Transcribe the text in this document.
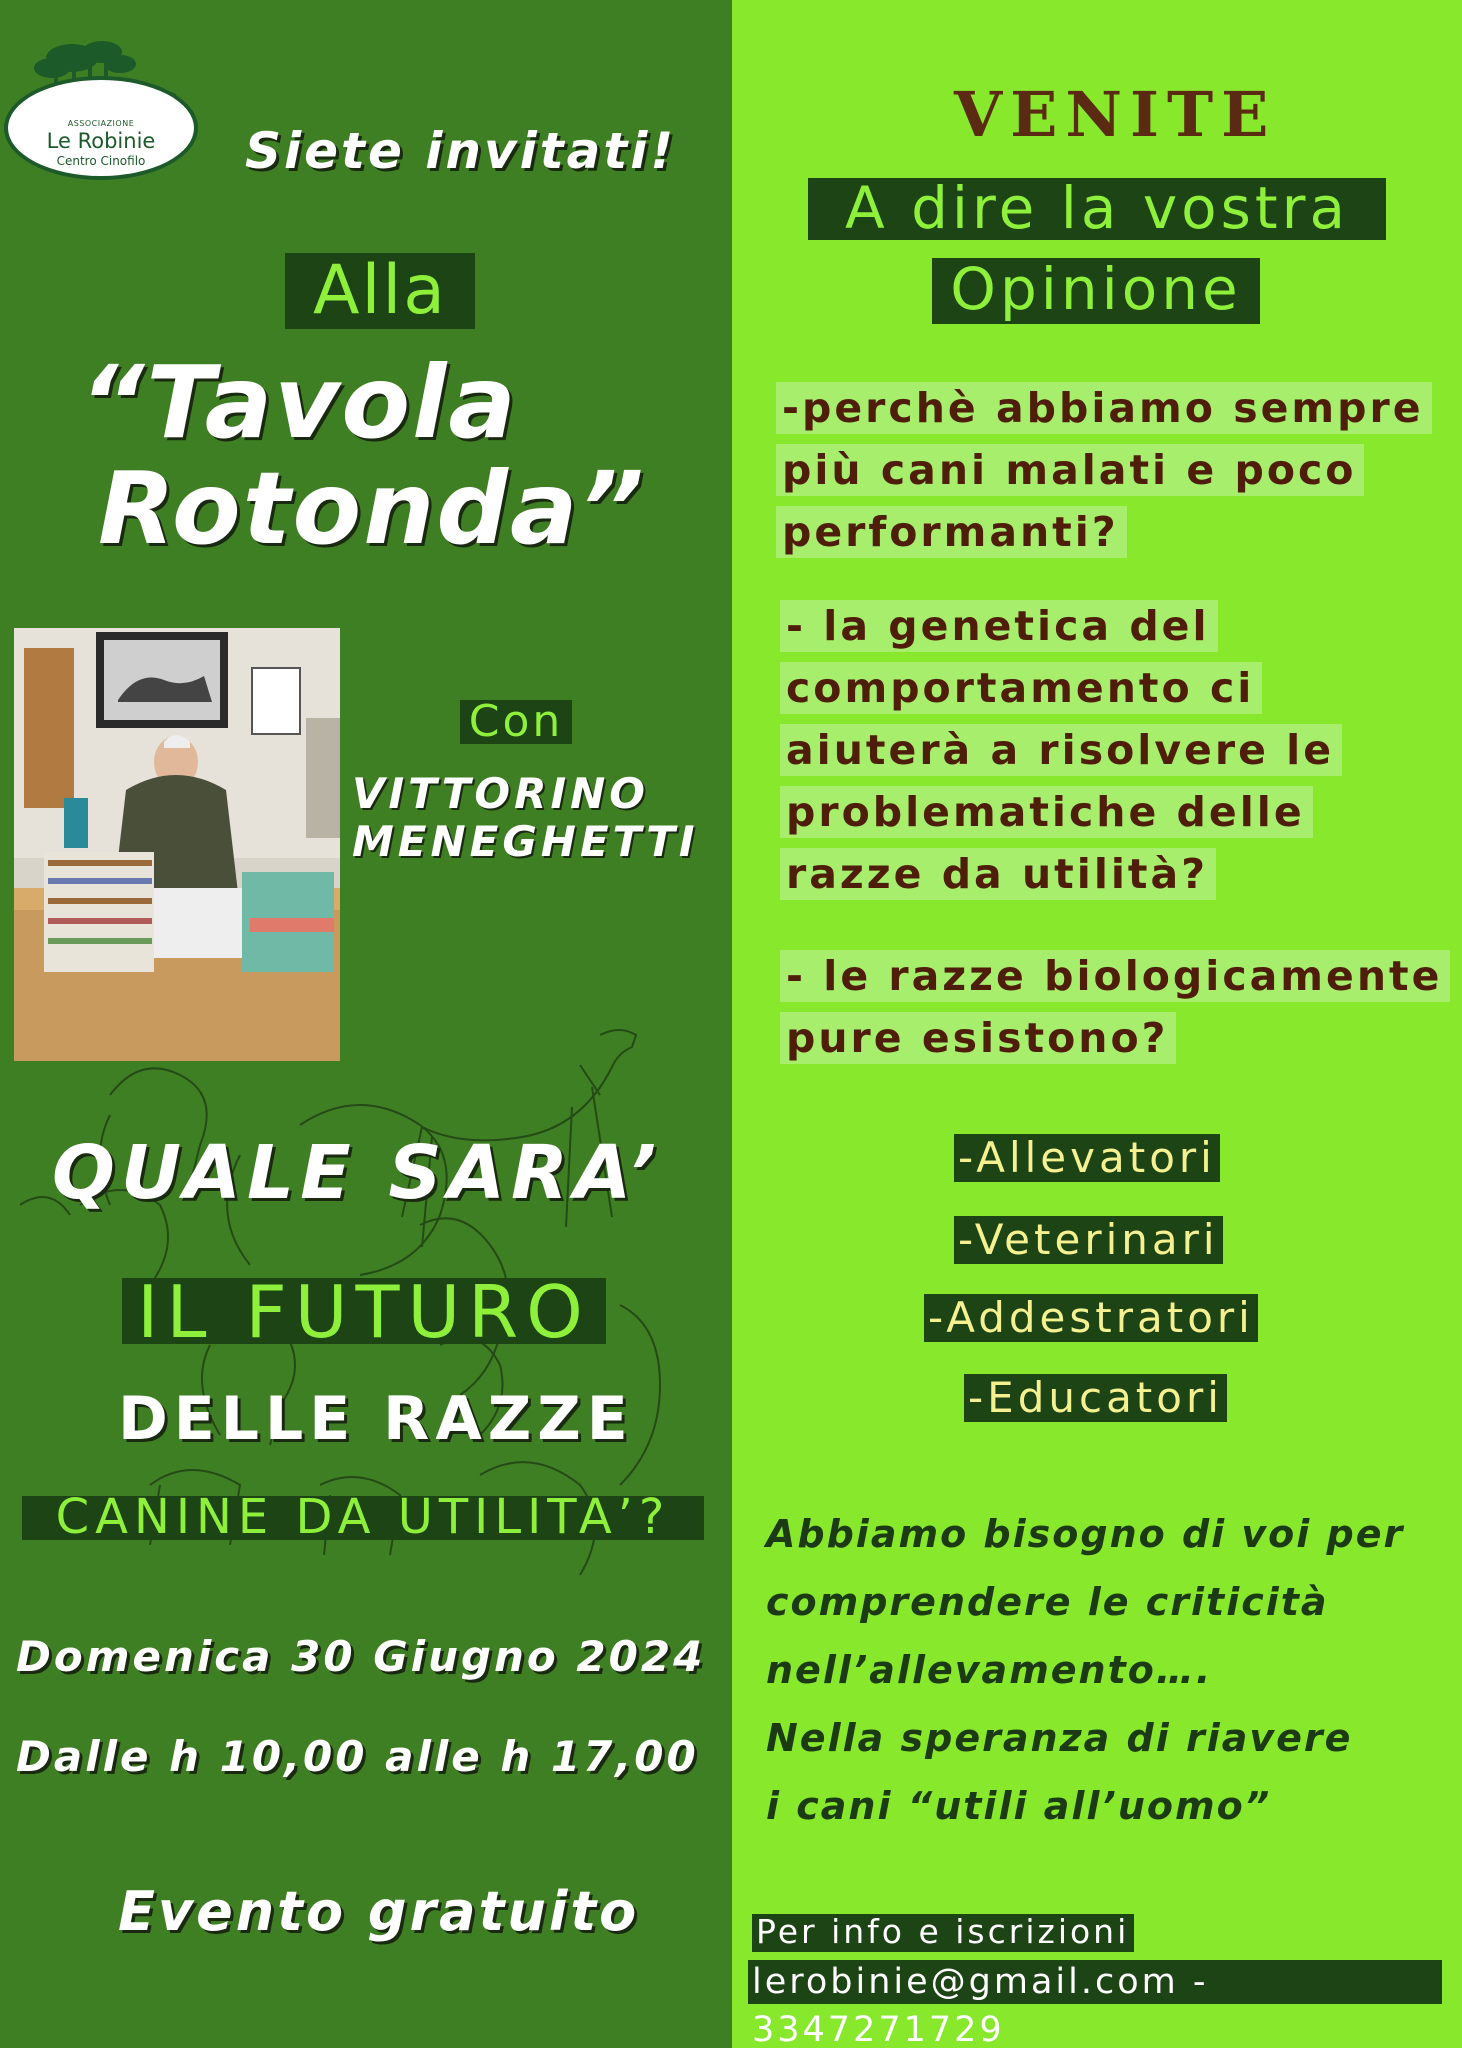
ASSOCIAZIONE
Le Robinie
Centro Cinofilo	Siete invitati!
Alla
“Tavola
Rotonda”
Con
VITTORINO
MENEGHETTI
QUALE SARA’
IL FUTURO
DELLE RAZZE
CANINE DA UTILITA’?
Domenica 30 Giugno 2024
Dalle h 10,00 alle h 17,00
Evento gratuito
VENITE
A dire la vostra
Opinione
-perchè abbiamo sempre
più cani malati e poco
performanti?
- la genetica del
comportamento ci
aiuterà a risolvere le
problematiche delle
razze da utilità?
- le razze biologicamente
pure esistono?
-Allevatori
-Veterinari
-Addestratori
-Educatori
Abbiamo bisogno di voi per
comprendere le criticità
nell’allevamento….
Nella speranza di riavere
i cani “utili all’uomo”
Per info e iscrizioni
lerobinie@gmail.com - 3347271729
